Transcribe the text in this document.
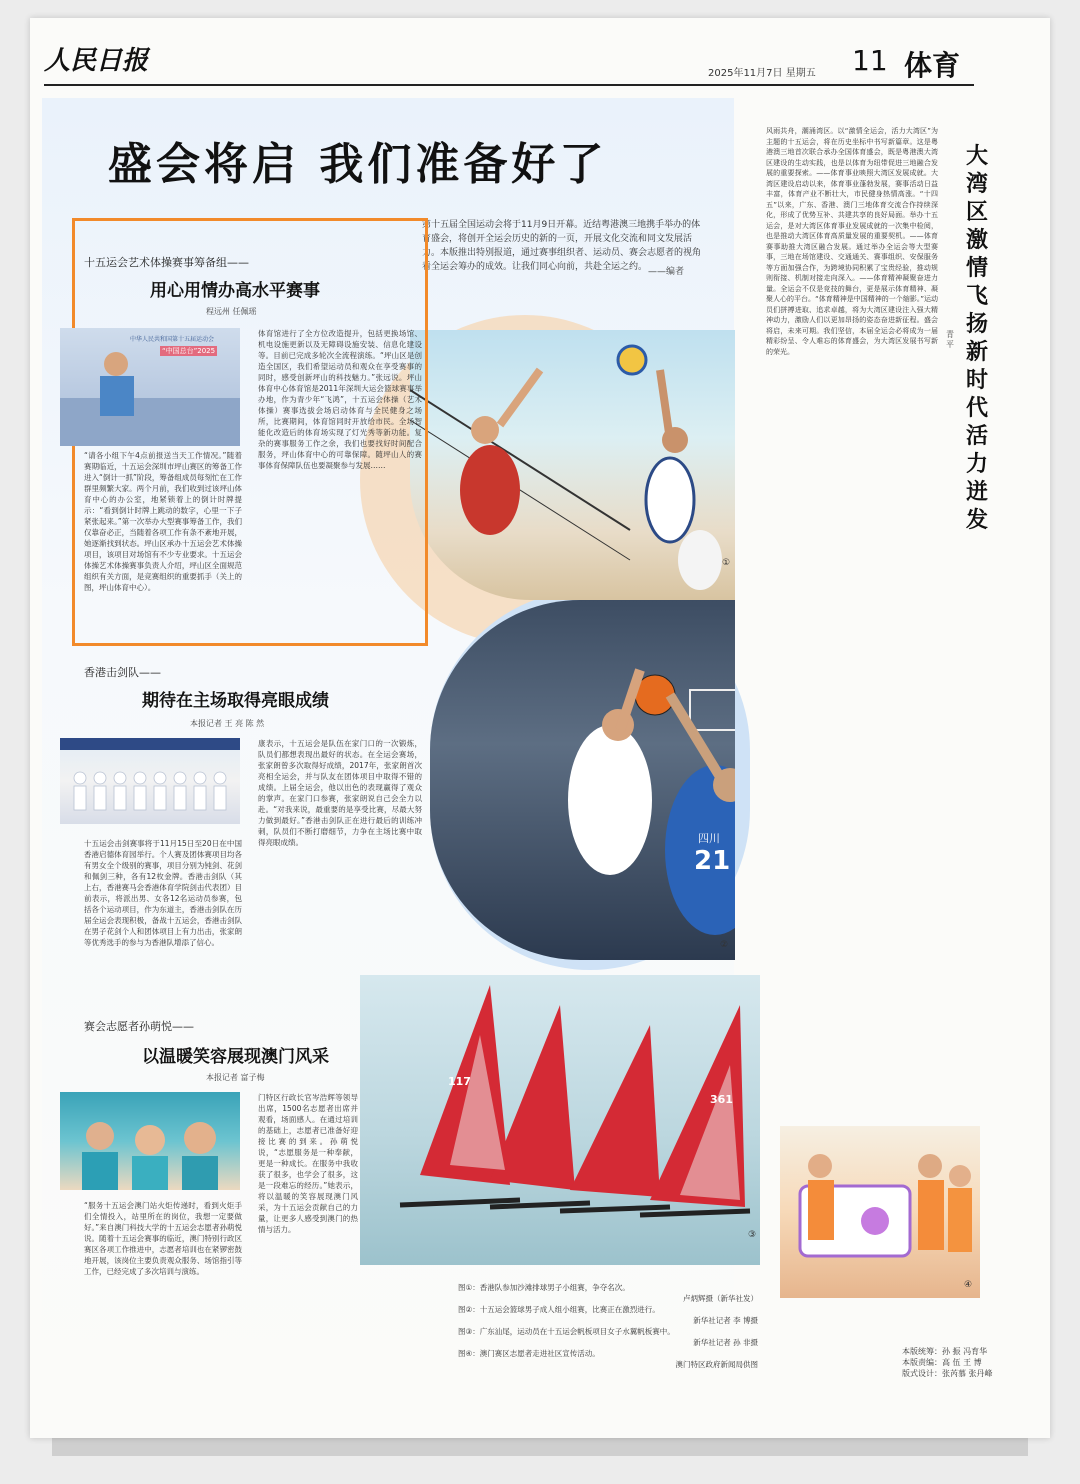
人民日报	2025年11月7日 星期五 11 体育
盛会将启 我们准备好了
第十五届全国运动会将于11月9日开幕。近结粤港澳三地携手举办的体育盛会，将创开全运会历史的新的一页，开展文化交流和同文发展活力。本版推出特别报道，通过赛事组织者、运动员、赛会志愿者的视角看全运会筹办的成效。让我们同心向前，共赴全运之约。 ——编者
①
四川
21
②
117
361
③
十五运会艺术体操赛事筹备组——
用心用情办高水平赛事
程远州 任佩瑶
中华人民共和国第十五届运动会
“中国总台”2025
“请各小组下午4点前报送当天工作情况。”随着赛期临近，十五运会深圳市坪山赛区的筹备工作进入“倒计一抓”阶段，筹备组成员每刻忙在工作群里频繁大家。两个月前，我们收到过该坪山体育中心的办公室，地紧锁着上的倒计时牌提示：“看到倒计时牌上跳动的数字，心里一下子紧张起来。”第一次举办大型赛事筹备工作，我们仅靠奋必正，当随着各项工作有条不紊地开展，她逐渐找到状态。坪山区承办十五运会艺术体操项目，该项目对场馆有不少专业要求。十五运会体操艺术体操赛事负责人介绍，坪山区全面规范组织有关方面，是竞赛组织的重要抓手（关上的图，坪山体育中心）。
体育馆进行了全方位改造提升，包括更换场馆、机电设施更新以及无障碍设施安装、信息化建设等。目前已完成多轮次全流程演练。“坪山区是创造全国区，我们希望运动员和观众在享受赛事的同时，感受创新坪山的科技魅力。”张远说。坪山体育中心体育馆是2011年深圳大运会篮球赛事举办地，作为青少年“飞鸿”，十五运会体操（艺术体操）赛事选拔会场启动体育与全民健身之场所，比赛期间，体育馆同时开放给市民。全场智能化改造后的体育场实现了灯光秀等新功能。复杂的赛事服务工作之余，我们也要找好时间配合服务，坪山体育中心的可靠保障。随坪山人的赛事体育保障队伍也要凝聚参与发展……
香港击剑队——
期待在主场取得亮眼成绩
本报记者 王 亮 陈 然
十五运会击剑赛事将于11月15日至20日在中国香港启德体育园举行。个人赛及团体赛项目均各有男女全个级别的赛事，项目分别为钝剑、花剑和佩剑三种，各有12枚金牌。香港击剑队（其上右，香港赛马会香港体育学院剑击代表团）目前表示，将派出男、女各12名运动员参赛，包括各个运动项目，作为东道主，香港击剑队在历届全运会表现积极，备战十五运会，香港击剑队在男子花剑个人和团体项目上有力出击，张家朗等优秀选手的参与为香港队增添了信心。
康表示，十五运会是队伍在家门口的一次锻炼，队员们都想表现出最好的状态。在全运会赛场，张家朗曾多次取得好成绩，2017年，张家朗首次亮相全运会，并与队友在团体项目中取得不错的成绩。上届全运会，他以出色的表现赢得了观众的掌声。在家门口参赛，张家朗说自己会全力以赴。“对我来说，最重要的是享受比赛，尽最大努力做到最好。”香港击剑队正在进行最后的训练冲刺，队员们不断打磨细节，力争在主场比赛中取得亮眼成绩。
赛会志愿者孙萌悦——
以温暖笑容展现澳门风采
本报记者 富子梅
“服务十五运会澳门站火炬传递时，看到火炬手们全情投入，站里所在的岗位，我想一定要做好。”来自澳门科技大学的十五运会志愿者孙萌悦说。随着十五运会赛事的临近，澳门特别行政区赛区各项工作推进中，志愿者培训也在紧锣密鼓地开展，该岗位主要负责观众服务、场馆指引等工作，已经完成了多次培训与演练。
门特区行政长官岑浩辉等领导出席，1500名志愿者出席并观看，场面感人。在通过培训的基础上，志愿者已准备好迎接比赛的到来。孙萌悦说，“志愿服务是一种奉献，更是一种成长。在服务中我收获了很多，也学会了很多，这是一段难忘的经历。”她表示，将以温暖的笑容展现澳门风采，为十五运会贡献自己的力量，让更多人感受到澳门的热情与活力。
图①：香港队参加沙滩排球男子小组赛，争夺名次。
卢炳辉摄（新华社发）
图②：十五运会篮球男子成人组小组赛，比赛正在激烈进行。
新华社记者 李 博摄
图③：广东汕尾，运动员在十五运会帆板项目女子水翼帆板赛中。
新华社记者 孙 非摄
图④：澳门赛区志愿者走进社区宣传活动。
澳门特区政府新闻局供图
风雨共舟，潮涌湾区。以“激情全运会，活力大湾区”为主题的十五运会，将在历史坐标中书写新篇章。这是粤港澳三地首次联合承办全国体育盛会，既是粤港澳大湾区建设的生动实践，也是以体育为纽带促进三地融合发展的重要探索。——体育事业映照大湾区发展成就。大湾区建设启动以来，体育事业蓬勃发展，赛事活动日益丰富，体育产业不断壮大，市民健身热情高涨。“十四五”以来，广东、香港、澳门三地体育交流合作持续深化，形成了优势互补、共建共享的良好局面。举办十五运会，是对大湾区体育事业发展成就的一次集中检阅，也是推动大湾区体育高质量发展的重要契机。——体育赛事助推大湾区融合发展。通过举办全运会等大型赛事，三地在场馆建设、交通通关、赛事组织、安保服务等方面加强合作，为跨境协同积累了宝贵经验，推动规则衔接、机制对接走向深入。——体育精神凝聚奋进力量。全运会不仅是竞技的舞台，更是展示体育精神、凝聚人心的平台。“体育精神是中国精神的一个缩影。”运动员们拼搏进取、追求卓越，将为大湾区建设注入强大精神动力，激励人们以更加昂扬的姿态奋进新征程。盛会将启，未来可期。我们坚信，本届全运会必将成为一届精彩纷呈、令人难忘的体育盛会，为大湾区发展书写新的荣光。
大湾区激情飞扬 新时代活力迸发
青 平
④
本版统筹：孙 振 冯育华
本版责编：高 伍 王 博
版式设计：张芮慕 张丹峰
